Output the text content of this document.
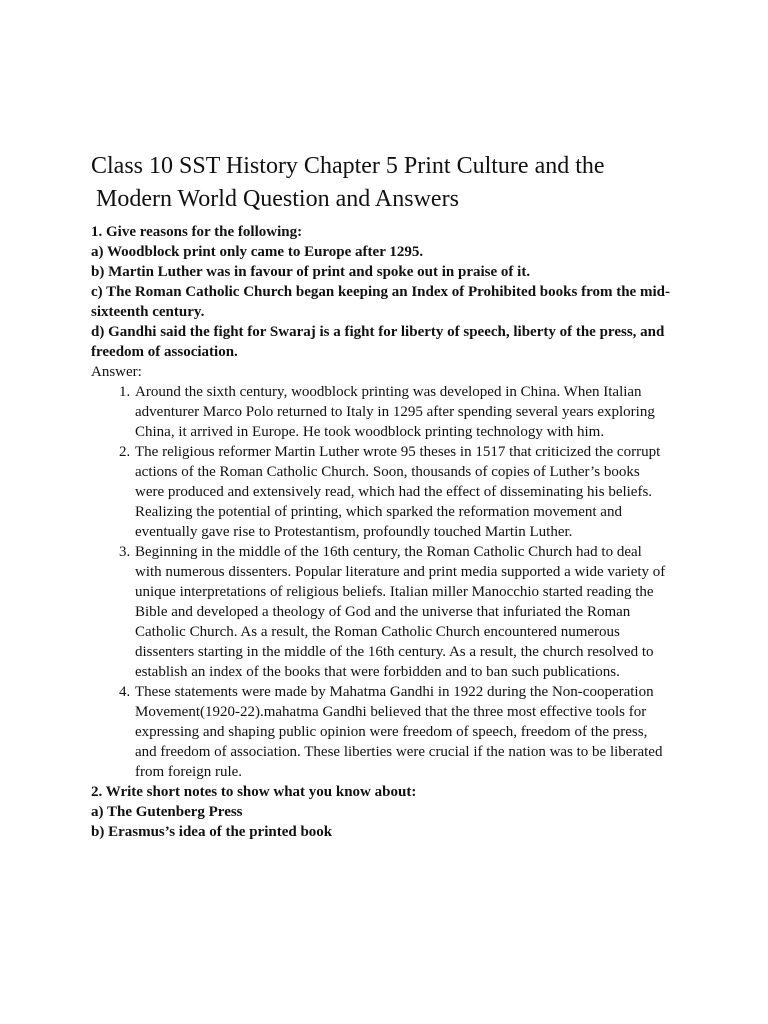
Class 10 SST History Chapter 5 Print Culture and the Modern World Question and Answers

1. Give reasons for the following:

a) Woodblock print only came to Europe after 1295.

b) Martin Luther was in favour of print and spoke out in praise of it.

c) The Roman Catholic Church began keeping an Index of Prohibited books from the mid-sixteenth century.

d) Gandhi said the fight for Swaraj is a fight for liberty of speech, liberty of the press, and freedom of association.

Answer:

1. Around the sixth century, woodblock printing was developed in China. When Italian adventurer Marco Polo returned to Italy in 1295 after spending several years exploring China, it arrived in Europe. He took woodblock printing technology with him.
2. The religious reformer Martin Luther wrote 95 theses in 1517 that criticized the corrupt actions of the Roman Catholic Church. Soon, thousands of copies of Luther’s books were produced and extensively read, which had the effect of disseminating his beliefs. Realizing the potential of printing, which sparked the reformation movement and eventually gave rise to Protestantism, profoundly touched Martin Luther.
3. Beginning in the middle of the 16th century, the Roman Catholic Church had to deal with numerous dissenters. Popular literature and print media supported a wide variety of unique interpretations of religious beliefs. Italian miller Manocchio started reading the Bible and developed a theology of God and the universe that infuriated the Roman Catholic Church. As a result, the Roman Catholic Church encountered numerous dissenters starting in the middle of the 16th century. As a result, the church resolved to establish an index of the books that were forbidden and to ban such publications.
4. These statements were made by Mahatma Gandhi in 1922 during the Non-cooperation Movement(1920-22).mahatma Gandhi believed that the three most effective tools for expressing and shaping public opinion were freedom of speech, freedom of the press, and freedom of association. These liberties were crucial if the nation was to be liberated from foreign rule.

2. Write short notes to show what you know about:

a) The Gutenberg Press

b) Erasmus’s idea of the printed book
